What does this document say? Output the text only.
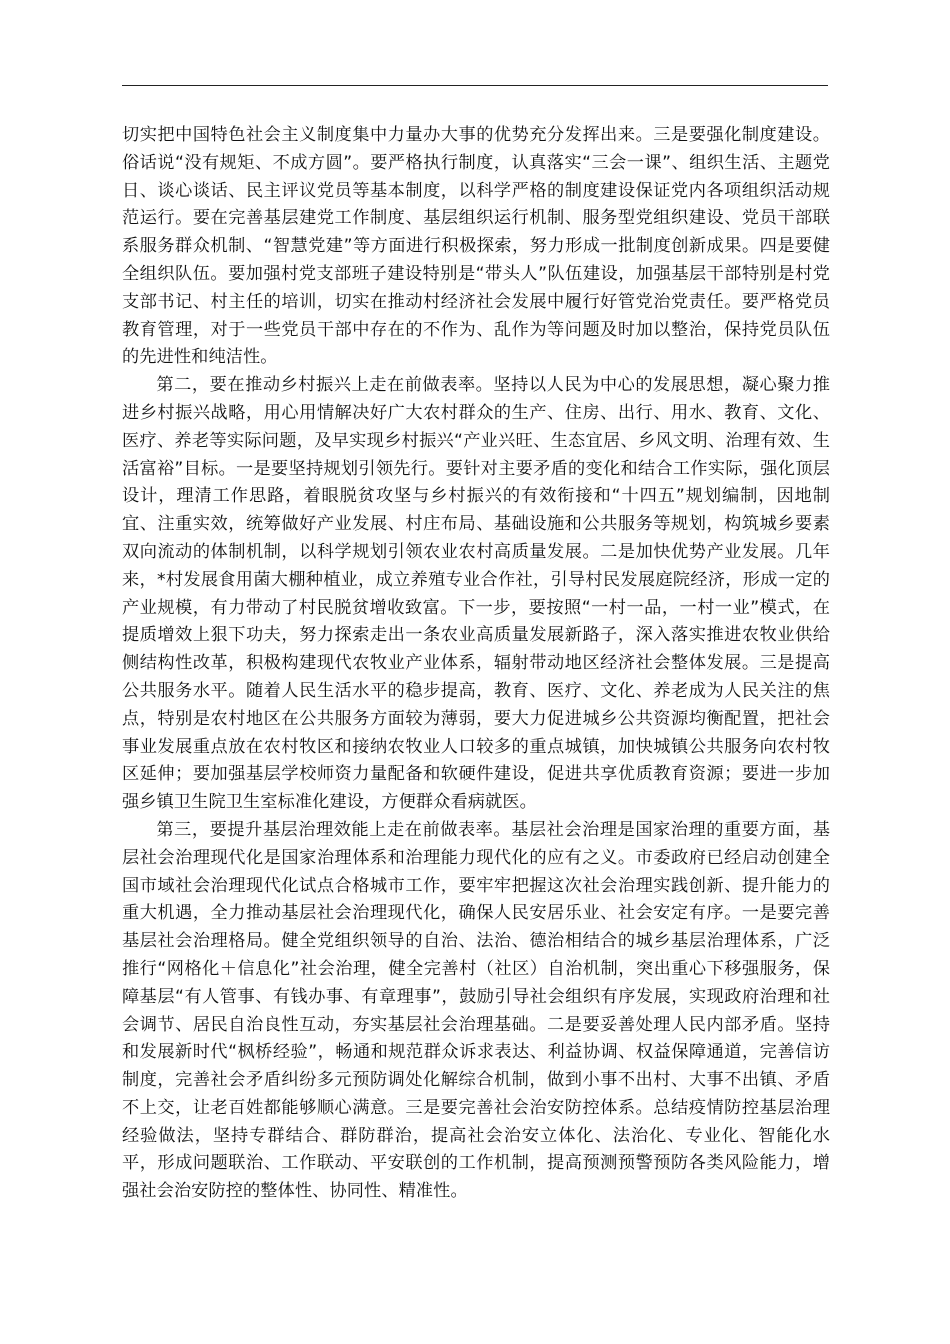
切实把中国特色社会主义制度集中力量办大事的优势充分发挥出来。三是要强化制度建设。俗话说“没有规矩、不成方圆”。要严格执行制度，认真落实“三会一课”、组织生活、主题党日、谈心谈话、民主评议党员等基本制度，以科学严格的制度建设保证党内各项组织活动规范运行。要在完善基层建党工作制度、基层组织运行机制、服务型党组织建设、党员干部联系服务群众机制、“智慧党建”等方面进行积极探索，努力形成一批制度创新成果。四是要健全组织队伍。要加强村党支部班子建设特别是“带头人”队伍建设，加强基层干部特别是村党支部书记、村主任的培训，切实在推动村经济社会发展中履行好管党治党责任。要严格党员教育管理，对于一些党员干部中存在的不作为、乱作为等问题及时加以整治，保持党员队伍的先进性和纯洁性。

第二，要在推动乡村振兴上走在前做表率。坚持以人民为中心的发展思想，凝心聚力推进乡村振兴战略，用心用情解决好广大农村群众的生产、住房、出行、用水、教育、文化、医疗、养老等实际问题，及早实现乡村振兴“产业兴旺、生态宜居、乡风文明、治理有效、生活富裕”目标。一是要坚持规划引领先行。要针对主要矛盾的变化和结合工作实际，强化顶层设计，理清工作思路，着眼脱贫攻坚与乡村振兴的有效衔接和“十四五”规划编制，因地制宜、注重实效，统筹做好产业发展、村庄布局、基础设施和公共服务等规划，构筑城乡要素双向流动的体制机制，以科学规划引领农业农村高质量发展。二是加快优势产业发展。几年来，*村发展食用菌大棚种植业，成立养殖专业合作社，引导村民发展庭院经济，形成一定的产业规模，有力带动了村民脱贫增收致富。下一步，要按照“一村一品，一村一业”模式，在提质增效上狠下功夫，努力探索走出一条农业高质量发展新路子，深入落实推进农牧业供给侧结构性改革，积极构建现代农牧业产业体系，辐射带动地区经济社会整体发展。三是提高公共服务水平。随着人民生活水平的稳步提高，教育、医疗、文化、养老成为人民关注的焦点，特别是农村地区在公共服务方面较为薄弱，要大力促进城乡公共资源均衡配置，把社会事业发展重点放在农村牧区和接纳农牧业人口较多的重点城镇，加快城镇公共服务向农村牧区延伸；要加强基层学校师资力量配备和软硬件建设，促进共享优质教育资源；要进一步加强乡镇卫生院卫生室标准化建设，方便群众看病就医。

第三，要提升基层治理效能上走在前做表率。基层社会治理是国家治理的重要方面，基层社会治理现代化是国家治理体系和治理能力现代化的应有之义。市委政府已经启动创建全国市域社会治理现代化试点合格城市工作，要牢牢把握这次社会治理实践创新、提升能力的重大机遇，全力推动基层社会治理现代化，确保人民安居乐业、社会安定有序。一是要完善基层社会治理格局。健全党组织领导的自治、法治、德治相结合的城乡基层治理体系，广泛推行“网格化＋信息化”社会治理，健全完善村（社区）自治机制，突出重心下移强服务，保障基层“有人管事、有钱办事、有章理事”，鼓励引导社会组织有序发展，实现政府治理和社会调节、居民自治良性互动，夯实基层社会治理基础。二是要妥善处理人民内部矛盾。坚持和发展新时代“枫桥经验”，畅通和规范群众诉求表达、利益协调、权益保障通道，完善信访制度，完善社会矛盾纠纷多元预防调处化解综合机制，做到小事不出村、大事不出镇、矛盾不上交，让老百姓都能够顺心满意。三是要完善社会治安防控体系。总结疫情防控基层治理经验做法，坚持专群结合、群防群治，提高社会治安立体化、法治化、专业化、智能化水平，形成问题联治、工作联动、平安联创的工作机制，提高预测预警预防各类风险能力，增强社会治安防控的整体性、协同性、精准性。
